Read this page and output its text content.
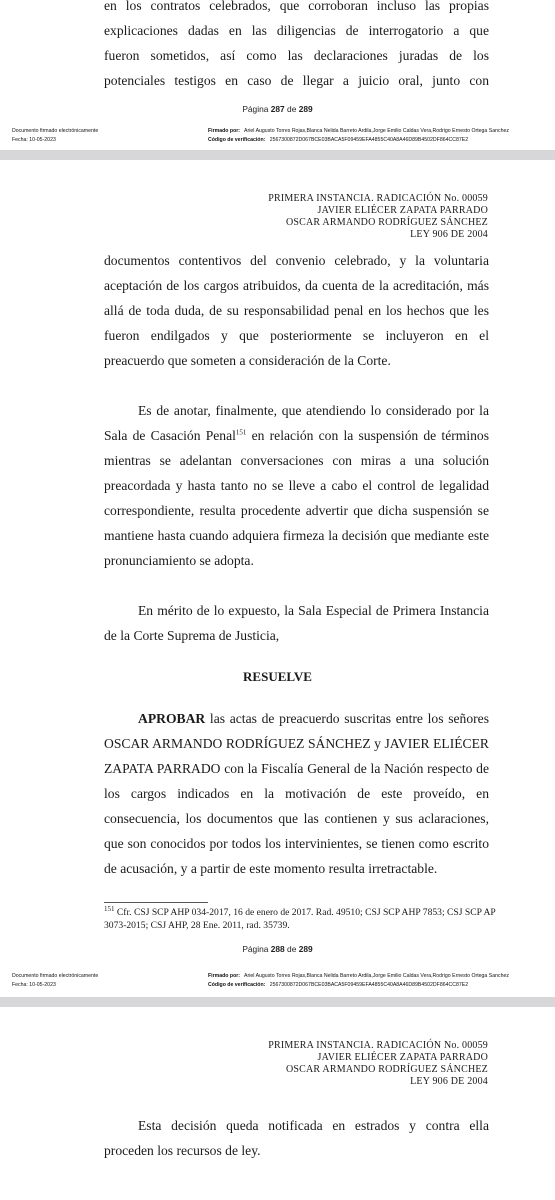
en los contratos celebrados, que corroboran incluso las propias
explicaciones dadas en las diligencias de interrogatorio a que
fueron sometidos, así como las declaraciones juradas de los
potenciales testigos en caso de llegar a juicio oral, junto con
Página 287 de 289
Documento firmado electrónicamente
Fecha: 10-05-2023
Firmado por: Ariel Augusto Torres Rojas,Blanca Nelida Barreto Ardila,Jorge Emilio Caldas Vera,Rodrigo Ernesto Ortega Sanchez
Código de verificación: 2567300872D067BCE03BACA5F09459EFA4855C40A8A46D89B4502DF864CC87E2
PRIMERA INSTANCIA. RADICACIÓN No. 00059
JAVIER ELIÉCER ZAPATA PARRADO
OSCAR ARMANDO RODRÍGUEZ SÁNCHEZ
LEY 906 DE 2004

documentos contentivos del convenio celebrado, y la voluntaria aceptación de los cargos atribuidos, da cuenta de la acreditación, más allá de toda duda, de su responsabilidad penal en los hechos que les fueron endilgados y que posteriormente se incluyeron en el preacuerdo que someten a consideración de la Corte.

Es de anotar, finalmente, que atendiendo lo considerado por la Sala de Casación Penal$^{151}$ en relación con la suspensión de términos mientras se adelantan conversaciones con miras a una solución preacordada y hasta tanto no se lleve a cabo el control de legalidad correspondiente, resulta procedente advertir que dicha suspensión se mantiene hasta cuando adquiera firmeza la decisión que mediante este pronunciamiento se adopta.

En mérito de lo expuesto, la Sala Especial de Primera Instancia de la Corte Suprema de Justicia,

RESUELVE

APROBAR las actas de preacuerdo suscritas entre los señores OSCAR ARMANDO RODRÍGUEZ SÁNCHEZ y JAVIER ELIÉCER ZAPATA PARRADO con la Fiscalía General de la Nación respecto de los cargos indicados en la motivación de este proveído, en consecuencia, los documentos que las contienen y sus aclaraciones, que son conocidos por todos los intervinientes, se tienen como escrito de acusación, y a partir de este momento resulta irretractable.

$^{151}$ Cfr. CSJ SCP AHP 034-2017, 16 de enero de 2017. Rad. 49510; CSJ SCP AHP 7853; CSJ SCP AP 3073-2015; CSJ AHP, 28 Ene. 2011, rad. 35739.
Página 288 de 289
Documento firmado electrónicamente
Fecha: 10-05-2023
Firmado por: Ariel Augusto Torres Rojas,Blanca Nelida Barreto Ardila,Jorge Emilio Caldas Vera,Rodrigo Ernesto Ortega Sanchez
Código de verificación: 2567300872D067BCE03BACA5F09459EFA4855C40A8A46D89B4502DF864CC87E2
PRIMERA INSTANCIA. RADICACIÓN No. 00059
JAVIER ELIÉCER ZAPATA PARRADO
OSCAR ARMANDO RODRÍGUEZ SÁNCHEZ
LEY 906 DE 2004

Esta decisión queda notificada en estrados y contra ella proceden los recursos de ley.
